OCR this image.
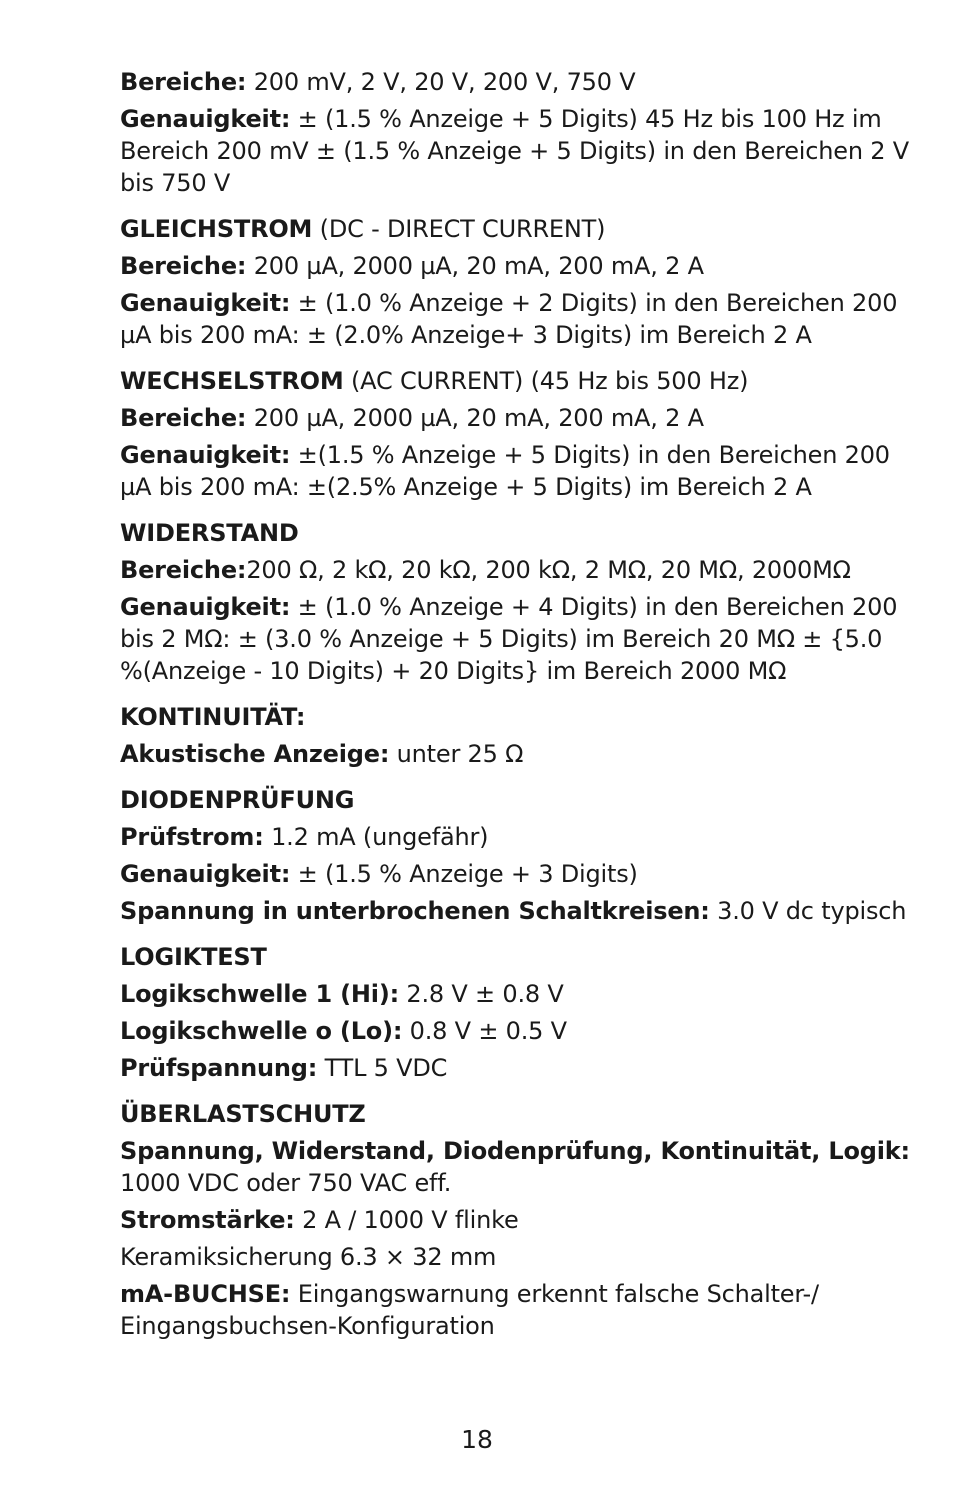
Bereiche: 200 mV, 2 V, 20 V, 200 V, 750 V
Genauigkeit: ± (1.5 % Anzeige + 5 Digits) 45 Hz bis 100 Hz im Bereich 200 mV ± (1.5 % Anzeige + 5 Digits) in den Bereichen 2 V bis 750 V
GLEICHSTROM (DC - DIRECT CURRENT)
Bereiche: 200 µA, 2000 µA, 20 mA, 200 mA, 2 A
Genauigkeit: ± (1.0 % Anzeige + 2 Digits) in den Bereichen 200 µA bis 200 mA: ± (2.0% Anzeige+ 3 Digits) im Bereich 2 A
WECHSELSTROM (AC CURRENT) (45 Hz bis 500 Hz)
Bereiche: 200 µA, 2000 µA, 20 mA, 200 mA, 2 A
Genauigkeit: ±(1.5 % Anzeige + 5 Digits) in den Bereichen 200 µA bis 200 mA: ±(2.5% Anzeige + 5 Digits) im Bereich 2 A
WIDERSTAND
Bereiche:200 Ω, 2 kΩ, 20 kΩ, 200 kΩ, 2 MΩ, 20 MΩ, 2000MΩ
Genauigkeit: ± (1.0 % Anzeige + 4 Digits) in den Bereichen 200 bis 2 MΩ: ± (3.0 % Anzeige + 5 Digits) im Bereich 20 MΩ ± {5.0 %(Anzeige - 10 Digits) + 20 Digits} im Bereich 2000 MΩ
KONTINUITÄT:
Akustische Anzeige: unter 25 Ω
DIODENPRÜFUNG
Prüfstrom: 1.2 mA (ungefähr)
Genauigkeit: ± (1.5 % Anzeige + 3 Digits)
Spannung in unterbrochenen Schaltkreisen: 3.0 V dc typisch
LOGIKTEST
Logikschwelle 1 (Hi): 2.8 V ± 0.8 V
Logikschwelle o (Lo): 0.8 V ± 0.5 V
Prüfspannung: TTL 5 VDC
ÜBERLASTSCHUTZ
Spannung, Widerstand, Diodenprüfung, Kontinuität, Logik: 1000 VDC oder 750 VAC eff.
Stromstärke: 2 A / 1000 V flinke
Keramiksicherung 6.3 × 32 mm
mA-BUCHSE: Eingangswarnung erkennt falsche Schalter-/ Eingangsbuchsen-Konfiguration
18
